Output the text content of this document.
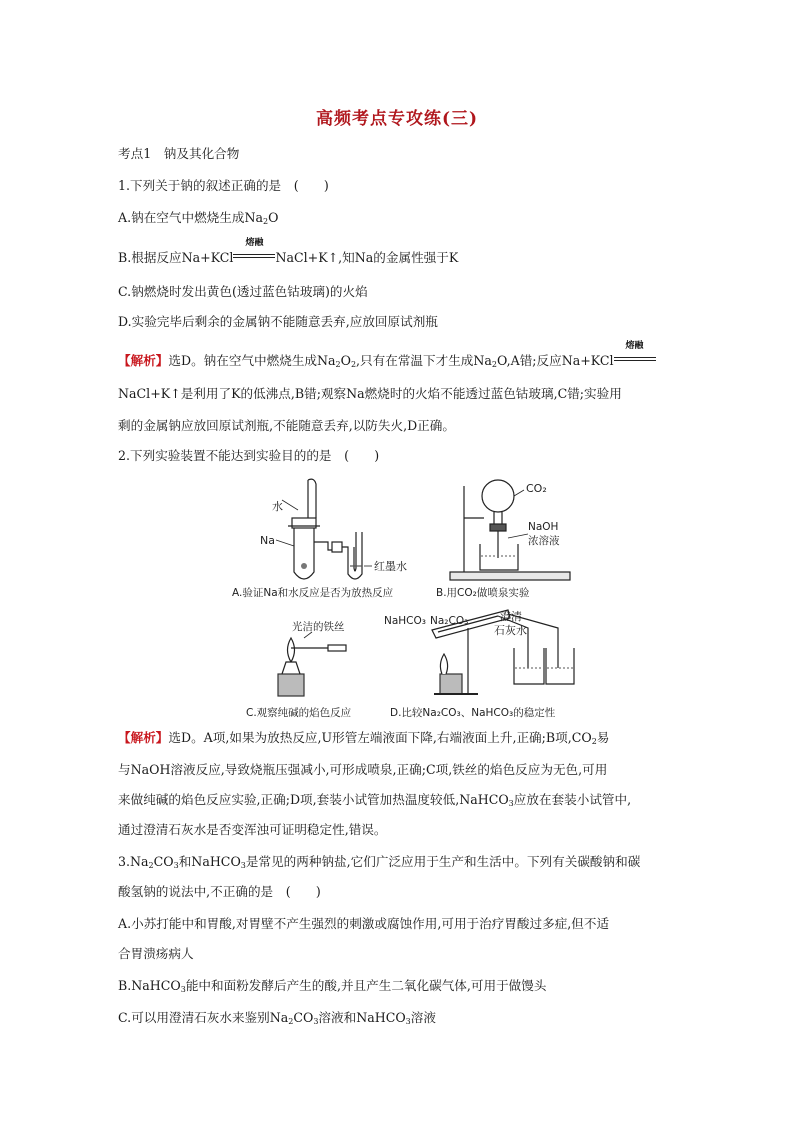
高频考点专攻练(三)
考点1　钠及其化合物
1.下列关于钠的叙述正确的是　(　　)
A.钠在空气中燃烧生成$Na_2O$
B.根据反应Na+KCl
熔融
NaCl+K↑,知Na的金属性强于K
C.钠燃烧时发出黄色(透过蓝色钴玻璃)的火焰
D.实验完毕后剩余的金属钠不能随意丢弃,应放回原试剂瓶
【解析】选D。钠在空气中燃烧生成$Na_2O_2$,只有在常温下才生成$Na_2O,A$错;反应Na+KCl
熔融
NaCl+K↑是利用了K的低沸点,B错;观察Na燃烧时的火焰不能透过蓝色钴玻璃,C错;实验用
剩的金属钠应放回原试剂瓶,不能随意丢弃,以防失火,D正确。
2.下列实验装置不能达到实验目的的是　(　　)
水
Na
红墨水
A.验证Na和水反应是否为放热反应
CO₂
NaOH
浓溶液
B.用CO₂做喷泉实验
光洁的铁丝
C.观察纯碱的焰色反应
NaHCO₃ Na₂CO₃	澄清
石灰水
D.比较Na₂CO₃、NaHCO₃的稳定性
【解析】选D。A项,如果为放热反应,U形管左端液面下降,右端液面上升,正确;B项$,CO_2$易
与NaOH溶液反应,导致烧瓶压强减小,可形成喷泉,正确;C项,铁丝的焰色反应为无色,可用
来做纯碱的焰色反应实验,正确;D项,套装小试管加热温度较低,NaHCO$_3$应放在套装小试管中,
通过澄清石灰水是否变浑浊可证明稳定性,错误。
$3.Na_2CO_3$和NaHCO$_3$是常见的两种钠盐,它们广泛应用于生产和生活中。下列有关碳酸钠和碳
酸氢钠的说法中,不正确的是　(　　)
A.小苏打能中和胃酸,对胃壁不产生强烈的刺激或腐蚀作用,可用于治疗胃酸过多症,但不适
合胃溃疡病人
B.NaHCO$_3$能中和面粉发酵后产生的酸,并且产生二氧化碳气体,可用于做馒头
C.可以用澄清石灰水来鉴别$Na_2CO_3$溶液和NaHCO$_3$溶液
